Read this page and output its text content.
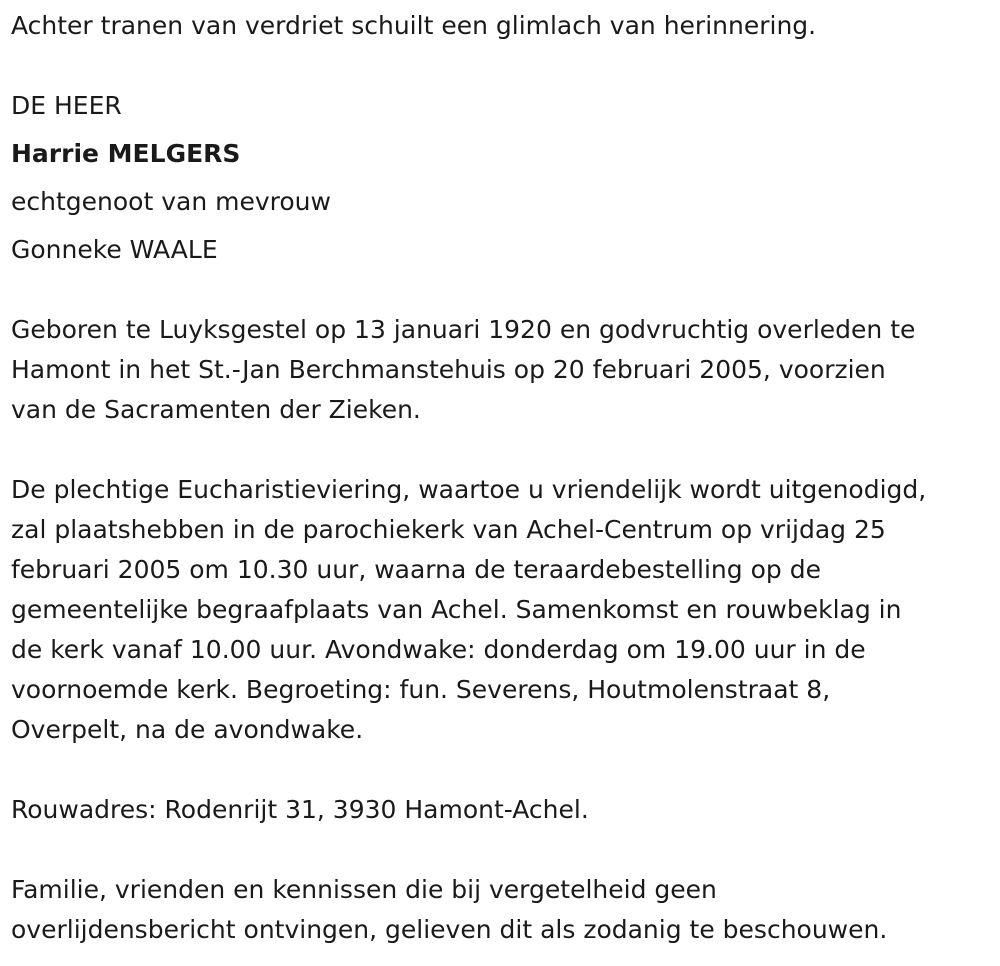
Achter tranen van verdriet schuilt een glimlach van herinnering.

DE HEER

Harrie MELGERS

echtgenoot van mevrouw

Gonneke WAALE

Geboren te Luyksgestel op 13 januari 1920 en godvruchtig overleden te
Hamont in het St.-Jan Berchmanstehuis op 20 februari 2005, voorzien
van de Sacramenten der Zieken.
De plechtige Eucharistieviering, waartoe u vriendelijk wordt uitgenodigd,
zal plaatshebben in de parochiekerk van Achel-Centrum op vrijdag 25
februari 2005 om 10.30 uur, waarna de teraardebestelling op de
gemeentelijke begraafplaats van Achel. Samenkomst en rouwbeklag in
de kerk vanaf 10.00 uur. Avondwake: donderdag om 19.00 uur in de
voornoemde kerk. Begroeting: fun. Severens, Houtmolenstraat 8,
Overpelt, na de avondwake.

Rouwadres: Rodenrijt 31, 3930 Hamont-Achel.

Familie, vrienden en kennissen die bij vergetelheid geen
overlijdensbericht ontvingen, gelieven dit als zodanig te beschouwen.
